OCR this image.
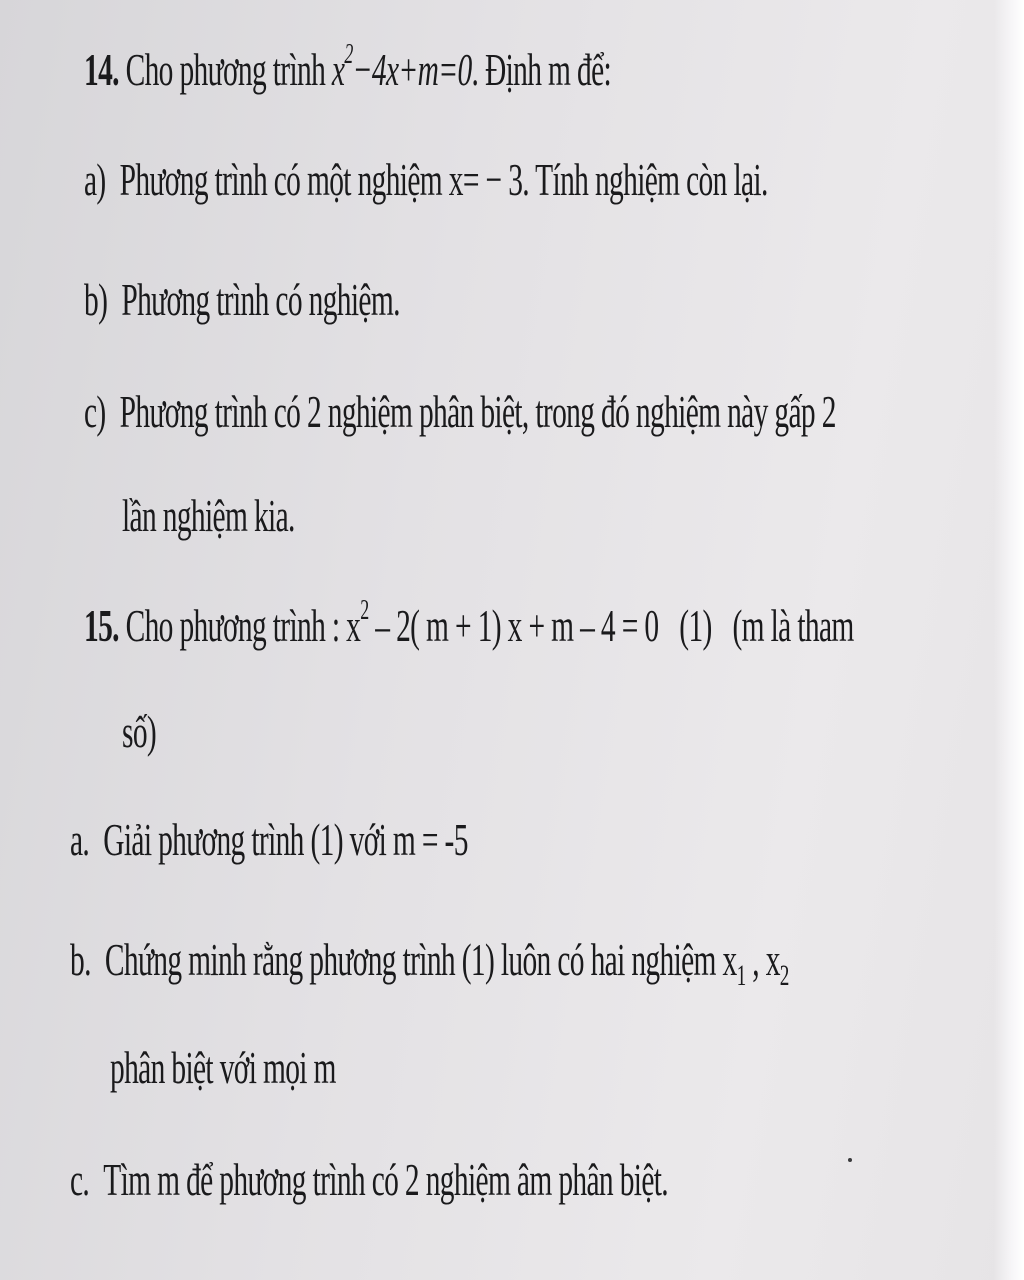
14. Cho phương trình $x^2-4x+m=0$. Định m để:
a) Phương trình có một nghiệm x= − 3. Tính nghiệm còn lại.
b) Phương trình có nghiệm.
c) Phương trình có 2 nghiệm phân biệt, trong đó nghiệm này gấp 2
lần nghiệm kia.
15. Cho phương trình : $x^2 - 2$( m + 1) x + m – 4 = 0 (1) (m là tham
số)
a. Giải phương trình (1) với m = -5
b. Chứng minh rằng phương trình (1) luôn có hai nghiệm $x_1$ , $x_2$
phân biệt với mọi m
c. Tìm m để phương trình có 2 nghiệm âm phân biệt.
